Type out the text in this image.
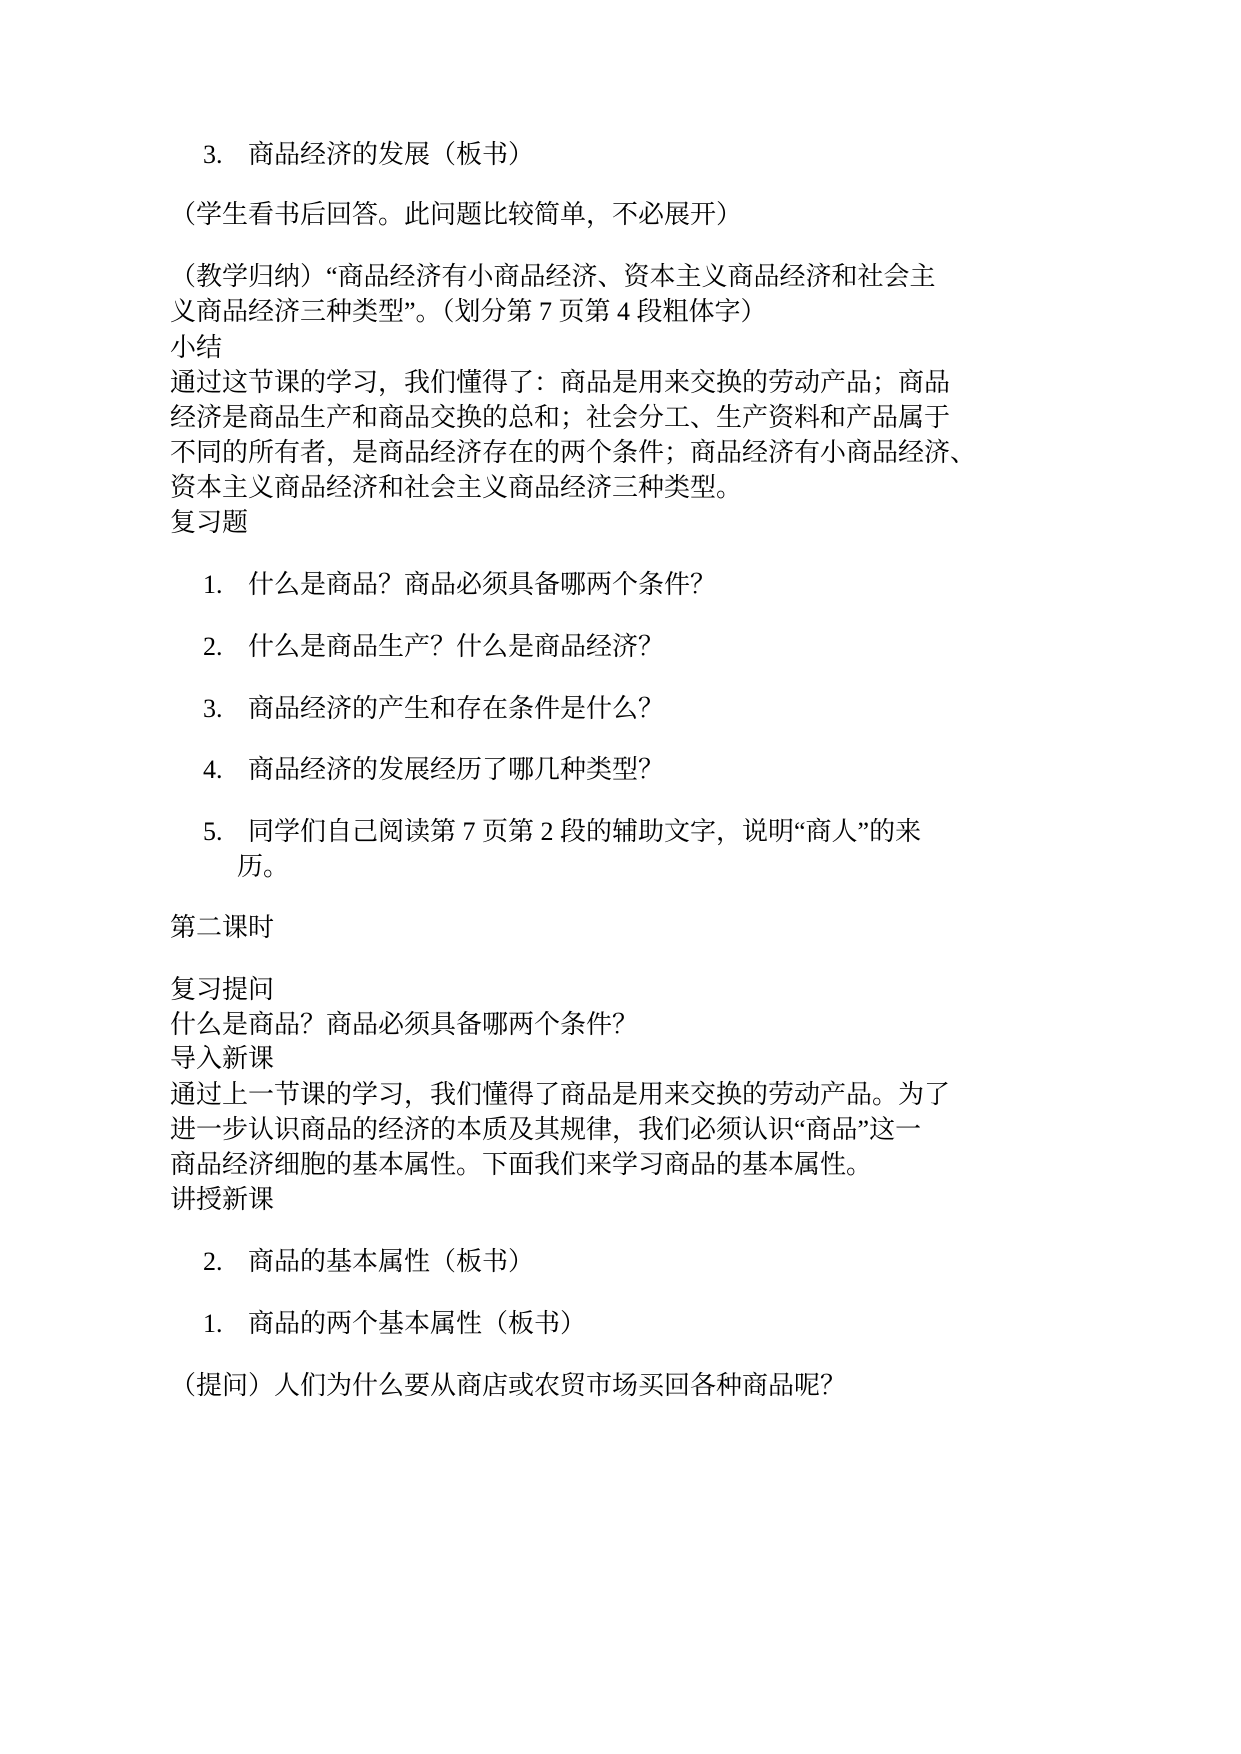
3. 商品经济的发展（板书）
（学生看书后回答。此问题比较简单，不必展开）
（教学归纳）“商品经济有小商品经济、资本主义商品经济和社会主
义商品经济三种类型”。（划分第 7 页第 4 段粗体字）
小结
通过这节课的学习，我们懂得了：商品是用来交换的劳动产品；商品
经济是商品生产和商品交换的总和；社会分工、生产资料和产品属于
不同的所有者，是商品经济存在的两个条件；商品经济有小商品经济、
资本主义商品经济和社会主义商品经济三种类型。
复习题
1. 什么是商品？商品必须具备哪两个条件？
2. 什么是商品生产？什么是商品经济？
3. 商品经济的产生和存在条件是什么？
4. 商品经济的发展经历了哪几种类型？
5. 同学们自己阅读第 7 页第 2 段的辅助文字，说明“商人”的来
历。
第二课时
复习提问
什么是商品？商品必须具备哪两个条件？
导入新课
通过上一节课的学习，我们懂得了商品是用来交换的劳动产品。为了
进一步认识商品的经济的本质及其规律，我们必须认识“商品”这一
商品经济细胞的基本属性。下面我们来学习商品的基本属性。
讲授新课
2. 商品的基本属性（板书）
1. 商品的两个基本属性（板书）
（提问）人们为什么要从商店或农贸市场买回各种商品呢？
